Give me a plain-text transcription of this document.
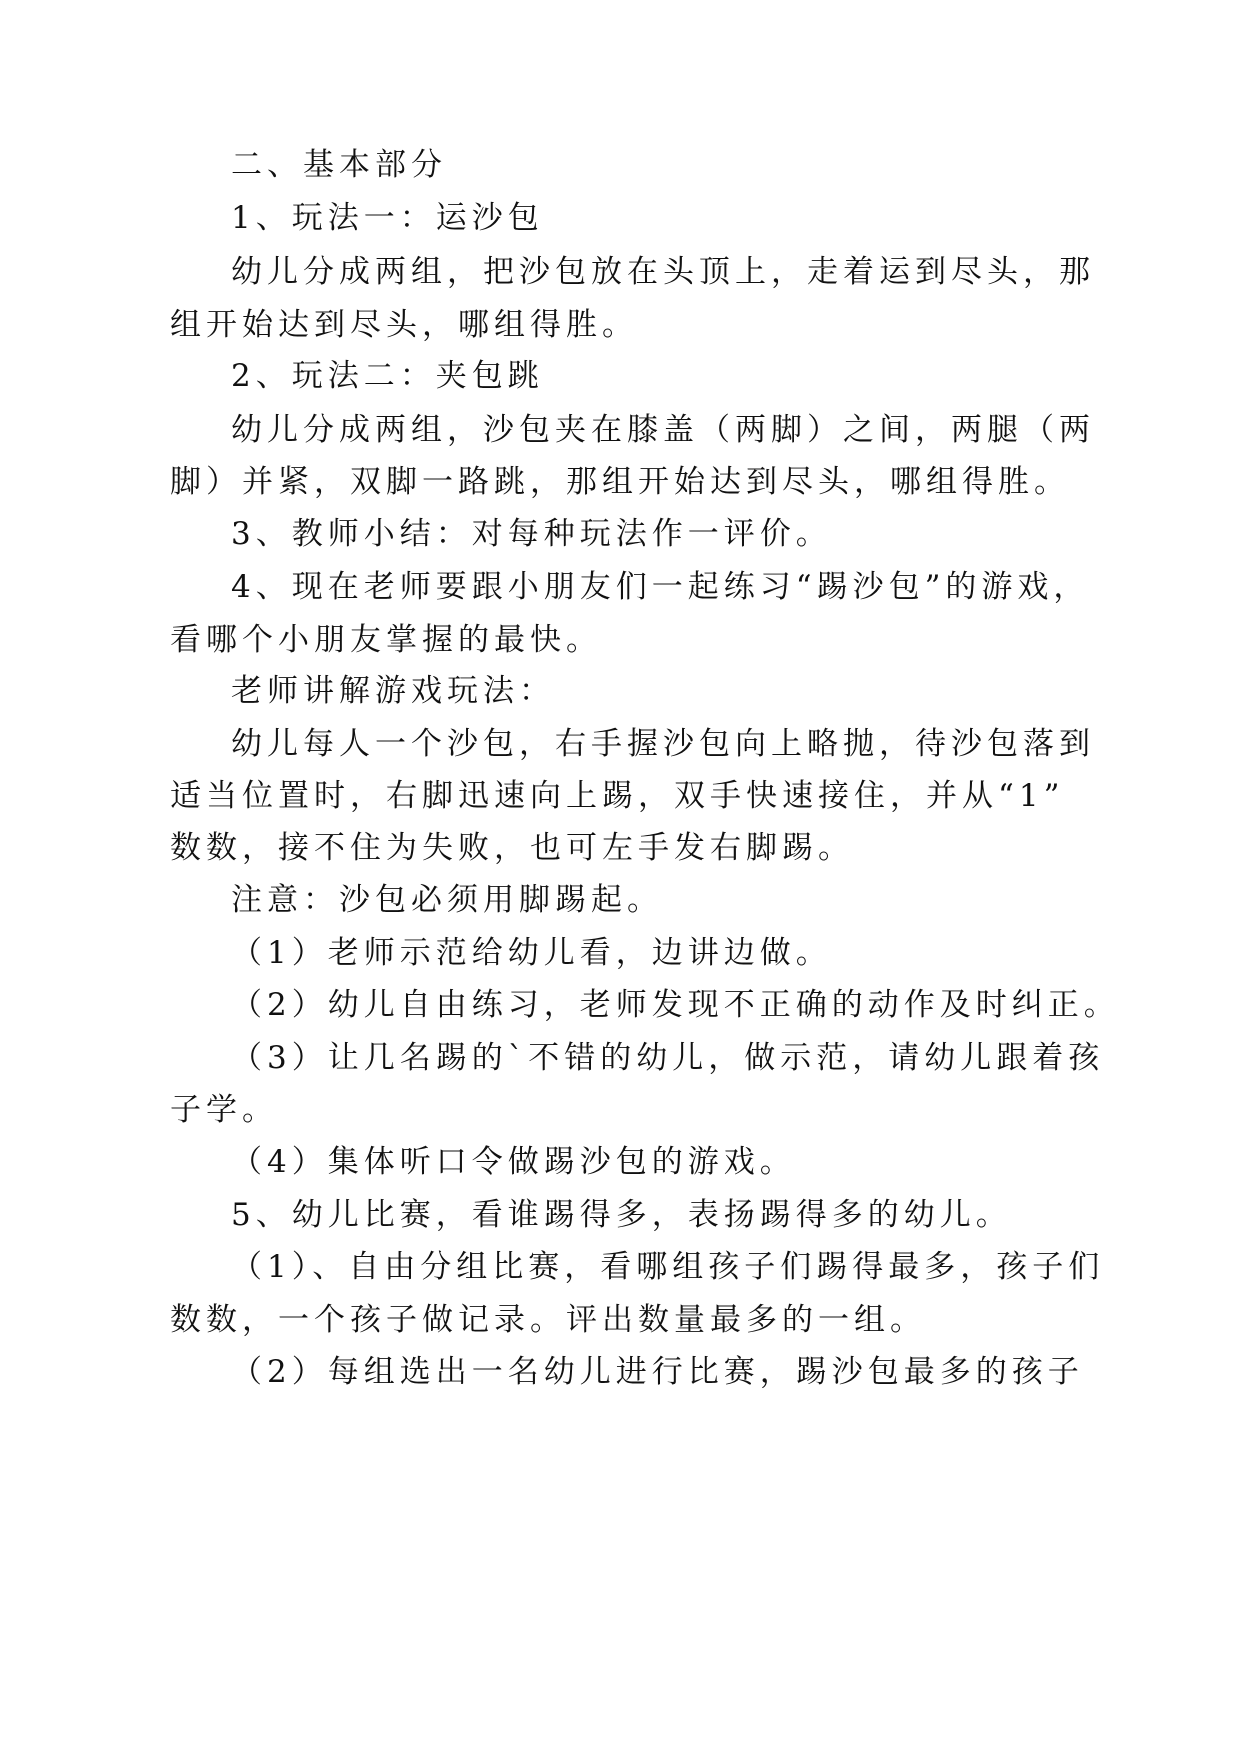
二、基本部分
1、玩法一：运沙包
幼儿分成两组，把沙包放在头顶上，走着运到尽头，那
组开始达到尽头，哪组得胜。
2、玩法二：夹包跳
幼儿分成两组，沙包夹在膝盖（两脚）之间，两腿（两
脚）并紧，双脚一路跳，那组开始达到尽头，哪组得胜。
3、教师小结：对每种玩法作一评价。
4、现在老师要跟小朋友们一起练习“踢沙包”的游戏，
看哪个小朋友掌握的最快。
老师讲解游戏玩法：
幼儿每人一个沙包，右手握沙包向上略抛，待沙包落到
适当位置时，右脚迅速向上踢，双手快速接住，并从“1”
数数，接不住为失败，也可左手发右脚踢。
注意：沙包必须用脚踢起。
（1）老师示范给幼儿看，边讲边做。
（2）幼儿自由练习，老师发现不正确的动作及时纠正。
（3）让几名踢的`不错的幼儿，做示范，请幼儿跟着孩
子学。
（4）集体听口令做踢沙包的游戏。
5、幼儿比赛，看谁踢得多，表扬踢得多的幼儿。
（1）、自由分组比赛，看哪组孩子们踢得最多，孩子们
数数，一个孩子做记录。评出数量最多的一组。
（2）每组选出一名幼儿进行比赛，踢沙包最多的孩子
